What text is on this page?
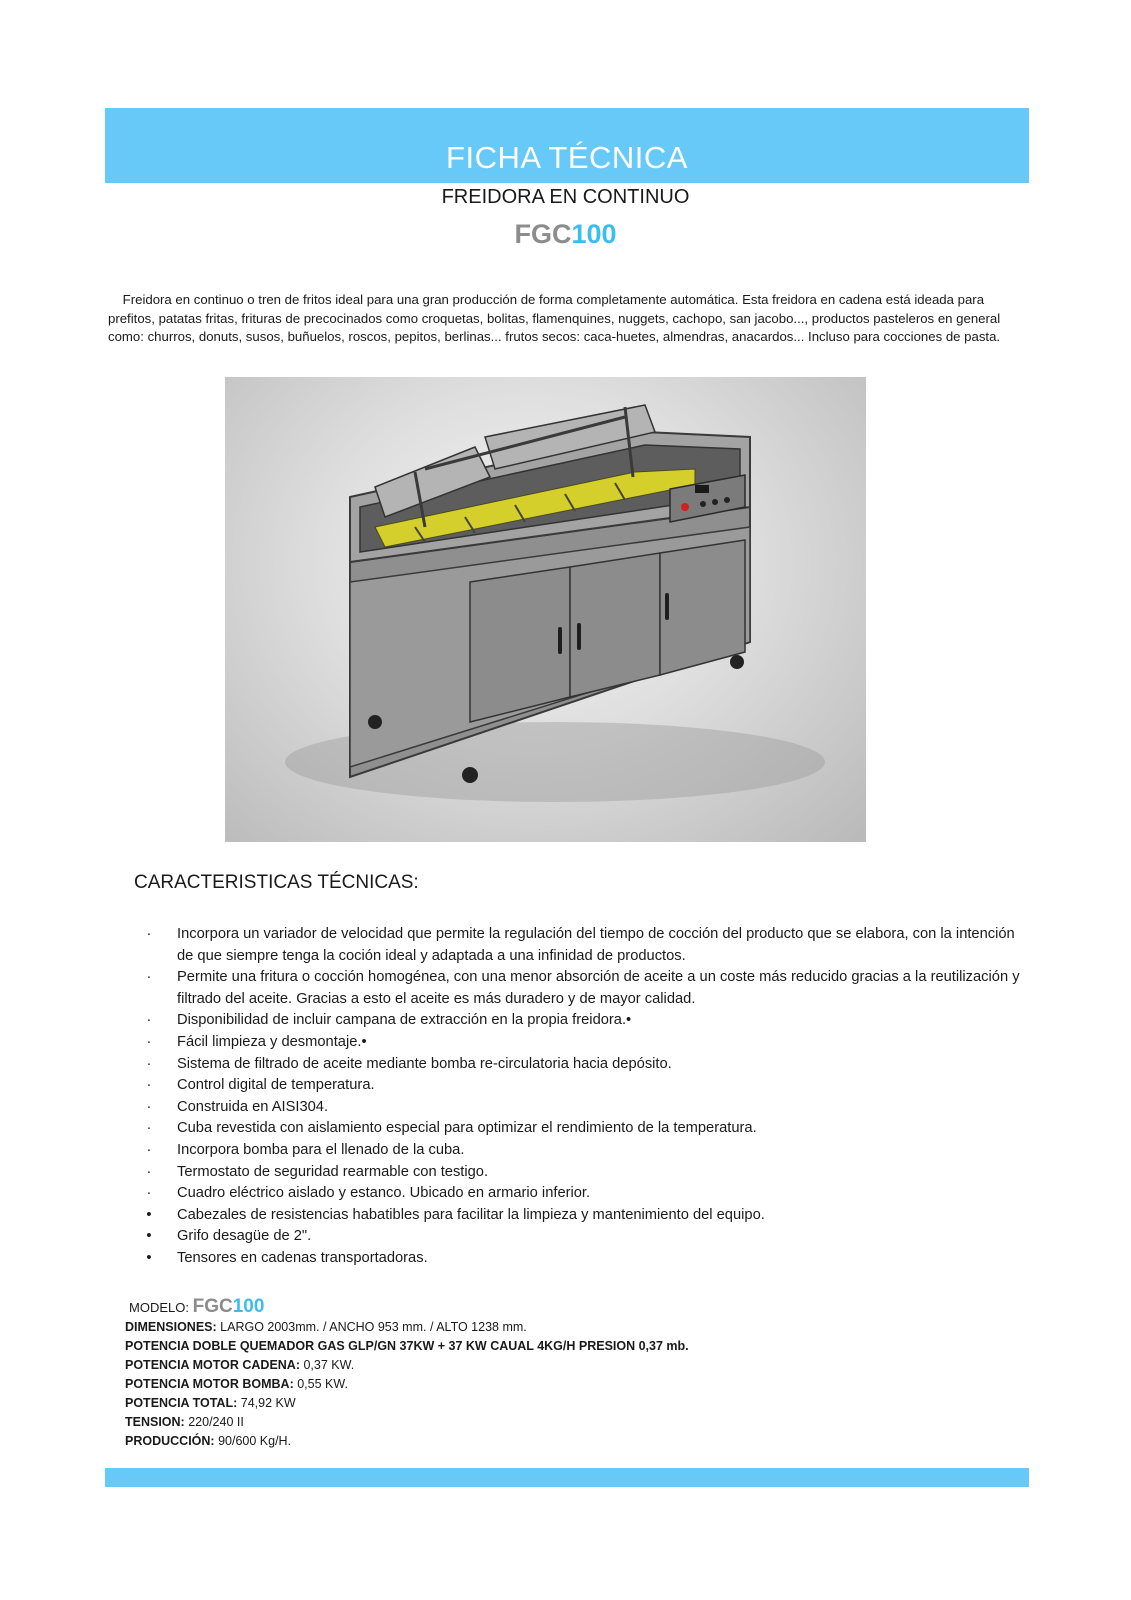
FICHA TÉCNICA
FREIDORA EN CONTINUO
FGC100

Freidora en continuo o tren de fritos ideal para una gran producción de forma completamente automática. Esta freidora en cadena está ideada para prefitos, patatas fritas, frituras de precocinados como croquetas, bolitas, flamenquines, nuggets, cachopo, san jacobo..., productos pasteleros en general como: churros, donuts, susos, buñuelos, roscos, pepitos, berlinas... frutos secos: caca-huetes, almendras, anacardos... Incluso para cocciones de pasta.

CARACTERISTICAS TÉCNICAS:
·	Incorpora un variador de velocidad que permite la regulación del tiempo de cocción del producto que se elabora, con la intención de que siempre tenga la coción ideal y adaptada a una infinidad de productos.
·	Permite una fritura o cocción homogénea, con una menor absorción de aceite a un coste más reducido gracias a la reutilización y filtrado del aceite. Gracias a esto el aceite es más duradero y de mayor calidad.
·	Disponibilidad de incluir campana de extracción en la propia freidora.•
·	Fácil limpieza y desmontaje.•
·	Sistema de filtrado de aceite mediante bomba re-circulatoria hacia depósito.
·	Control digital de temperatura.
·	Construida en AISI304.
·	Cuba revestida con aislamiento especial para optimizar el rendimiento de la temperatura.
·	Incorpora bomba para el llenado de la cuba.
·	Termostato de seguridad rearmable con testigo.
·	Cuadro eléctrico aislado y estanco. Ubicado en armario inferior.
•	Cabezales de resistencias habatibles para facilitar la limpieza y mantenimiento del equipo.
•	Grifo desagüe de 2".
•	Tensores en cadenas transportadoras.
MODELO: FGC100
DIMENSIONES: LARGO 2003mm. / ANCHO 953 mm. / ALTO 1238 mm.
POTENCIA DOBLE QUEMADOR GAS GLP/GN 37KW + 37 KW CAUAL 4KG/H PRESION 0,37 mb.
POTENCIA MOTOR CADENA: 0,37 KW.
POTENCIA MOTOR BOMBA: 0,55 KW.
POTENCIA TOTAL: 74,92 KW
TENSION: 220/240 II
PRODUCCIÓN: 90/600 Kg/H.
